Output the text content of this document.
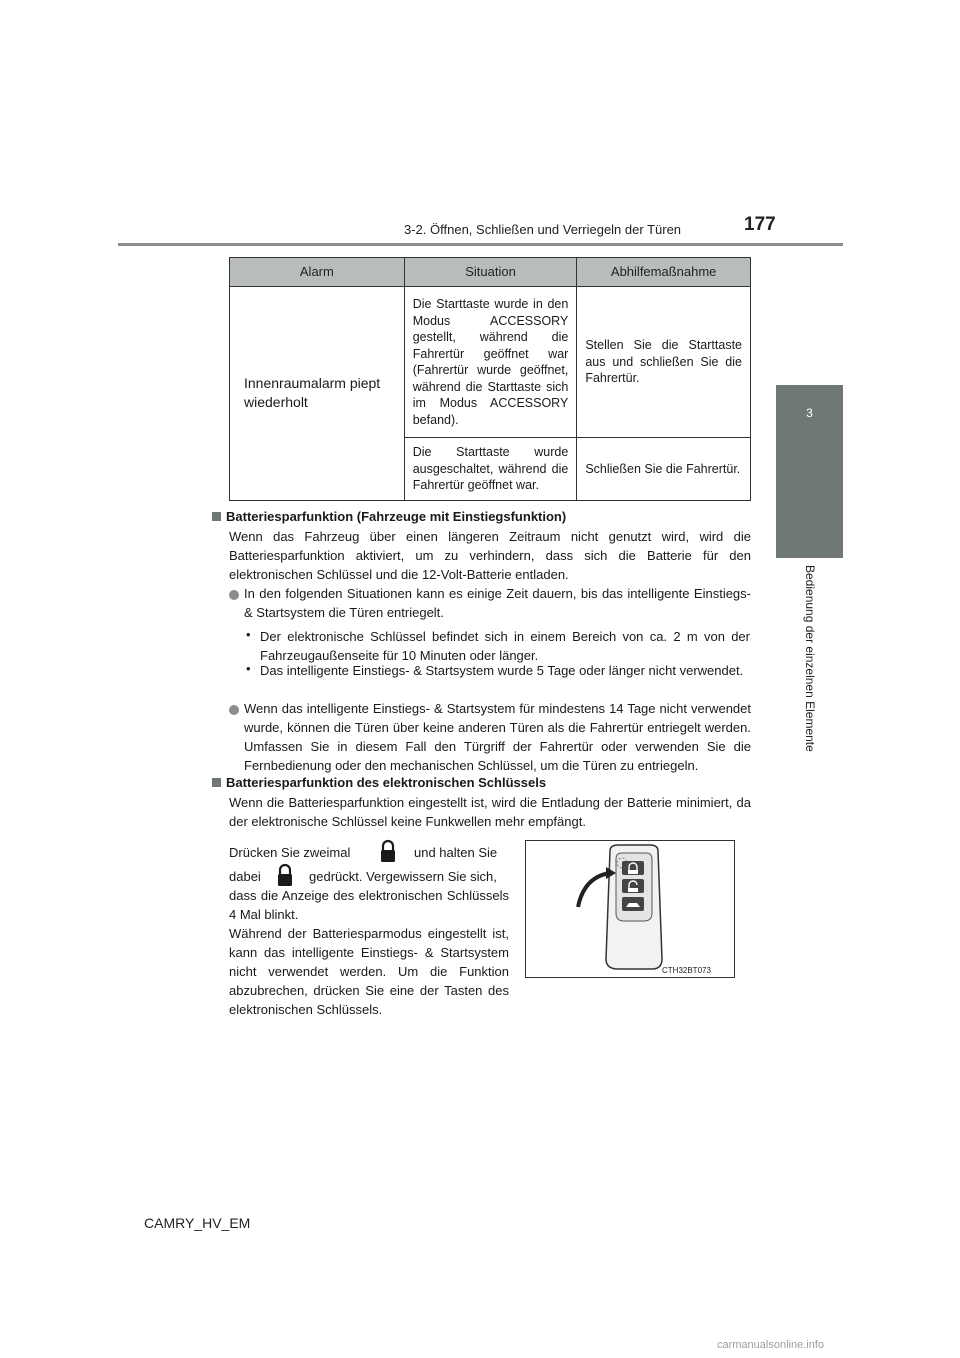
3-2. Öffnen, Schließen und Verriegeln der Türen	177
3
Bedienung der einzelnen Elemente
Alarm	Situation	Abhilfemaßnahme
Innenraumalarm piept wiederholt	Die Starttaste wurde in den Modus ACCESSORY gestellt, während die Fahrertür geöffnet war (Fahrertür wurde geöffnet, während die Starttaste sich im Modus ACCESSORY befand).	Stellen Sie die Starttaste aus und schließen Sie die Fahrertür.
	Die Starttaste wurde ausgeschaltet, während die Fahrertür geöffnet war.	Schließen Sie die Fahrertür.
Batteriesparfunktion (Fahrzeuge mit Einstiegsfunktion)
Wenn das Fahrzeug über einen längeren Zeitraum nicht genutzt wird, wird die Batteriesparfunktion aktiviert, um zu verhindern, dass sich die Batterie für den elektronischen Schlüssel und die 12-Volt-Batterie entladen.
In den folgenden Situationen kann es einige Zeit dauern, bis das intelligente Einstiegs- & Startsystem die Türen entriegelt.
• Der elektronische Schlüssel befindet sich in einem Bereich von ca. 2 m von der Fahrzeugaußenseite für 10 Minuten oder länger.
• Das intelligente Einstiegs- & Startsystem wurde 5 Tage oder länger nicht verwendet.
Wenn das intelligente Einstiegs- & Startsystem für mindestens 14 Tage nicht verwendet wurde, können die Türen über keine anderen Türen als die Fahrertür entriegelt werden. Umfassen Sie in diesem Fall den Türgriff der Fahrertür oder verwenden Sie die Fernbedienung oder den mechanischen Schlüssel, um die Türen zu entriegeln.
Batteriesparfunktion des elektronischen Schlüssels
Wenn die Batteriesparfunktion eingestellt ist, wird die Entladung der Batterie minimiert, da der elektronische Schlüssel keine Funkwellen mehr empfängt.
Drücken Sie zweimal	und halten Sie
dabei	gedrückt. Vergewissern Sie sich,
dass die Anzeige des elektronischen Schlüssels 4 Mal blinkt.
Während der Batteriesparmodus eingestellt ist, kann das intelligente Einstiegs- & Startsystem nicht verwendet werden. Um die Funktion abzubrechen, drücken Sie eine der Tasten des elektronischen Schlüssels.
CTH32BT073
CAMRY_HV_EM
carmanualsonline.info
